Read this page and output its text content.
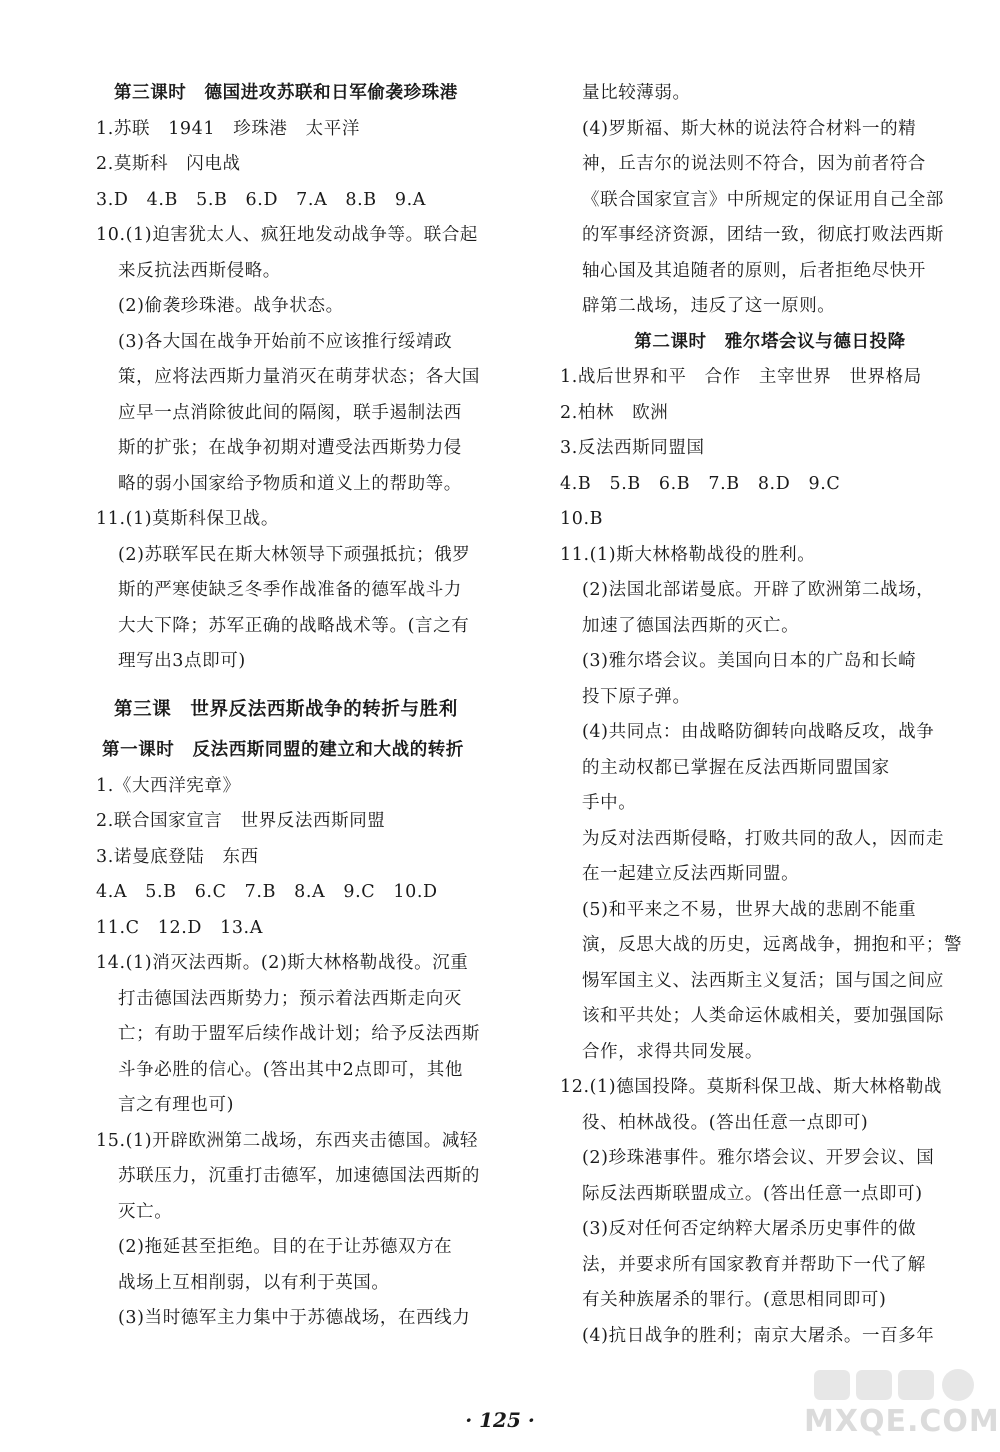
第三课时　德国进攻苏联和日军偷袭珍珠港
1.苏联　1941　珍珠港　太平洋
2.莫斯科　闪电战
3.D　4.B　5.B　6.D　7.A　8.B　9.A
10.(1)迫害犹太人、疯狂地发动战争等。联合起
来反抗法西斯侵略。
(2)偷袭珍珠港。战争状态。
(3)各大国在战争开始前不应该推行绥靖政
策，应将法西斯力量消灭在萌芽状态；各大国
应早一点消除彼此间的隔阂，联手遏制法西
斯的扩张；在战争初期对遭受法西斯势力侵
略的弱小国家给予物质和道义上的帮助等。
11.(1)莫斯科保卫战。
(2)苏联军民在斯大林领导下顽强抵抗；俄罗
斯的严寒使缺乏冬季作战准备的德军战斗力
大大下降；苏军正确的战略战术等。(言之有
理写出3点即可)
第三课　世界反法西斯战争的转折与胜利
第一课时　反法西斯同盟的建立和大战的转折
1.《大西洋宪章》
2.联合国家宣言　世界反法西斯同盟
3.诺曼底登陆　东西
4.A　5.B　6.C　7.B　8.A　9.C　10.D
11.C　12.D　13.A
14.(1)消灭法西斯。(2)斯大林格勒战役。沉重
打击德国法西斯势力；预示着法西斯走向灭
亡；有助于盟军后续作战计划；给予反法西斯
斗争必胜的信心。(答出其中2点即可，其他
言之有理也可)
15.(1)开辟欧洲第二战场，东西夹击德国。减轻
苏联压力，沉重打击德军，加速德国法西斯的
灭亡。
(2)拖延甚至拒绝。目的在于让苏德双方在
战场上互相削弱，以有利于英国。
(3)当时德军主力集中于苏德战场，在西线力
量比较薄弱。
(4)罗斯福、斯大林的说法符合材料一的精
神，丘吉尔的说法则不符合，因为前者符合
《联合国家宣言》中所规定的保证用自己全部
的军事经济资源，团结一致，彻底打败法西斯
轴心国及其追随者的原则，后者拒绝尽快开
辟第二战场，违反了这一原则。
第二课时　雅尔塔会议与德日投降
1.战后世界和平　合作　主宰世界　世界格局
2.柏林　欧洲
3.反法西斯同盟国
4.B　5.B　6.B　7.B　8.D　9.C
10.B
11.(1)斯大林格勒战役的胜利。
(2)法国北部诺曼底。开辟了欧洲第二战场，
加速了德国法西斯的灭亡。
(3)雅尔塔会议。美国向日本的广岛和长崎
投下原子弹。
(4)共同点：由战略防御转向战略反攻，战争
的主动权都已掌握在反法西斯同盟国家
手中。
为反对法西斯侵略，打败共同的敌人，因而走
在一起建立反法西斯同盟。
(5)和平来之不易，世界大战的悲剧不能重
演，反思大战的历史，远离战争，拥抱和平；警
惕军国主义、法西斯主义复活；国与国之间应
该和平共处；人类命运休戚相关，要加强国际
合作，求得共同发展。
12.(1)德国投降。莫斯科保卫战、斯大林格勒战
役、柏林战役。(答出任意一点即可)
(2)珍珠港事件。雅尔塔会议、开罗会议、国
际反法西斯联盟成立。(答出任意一点即可)
(3)反对任何否定纳粹大屠杀历史事件的做
法，并要求所有国家教育并帮助下一代了解
有关种族屠杀的罪行。(意思相同即可)
(4)抗日战争的胜利；南京大屠杀。一百多年
· 125 ·	MXQE.COM
